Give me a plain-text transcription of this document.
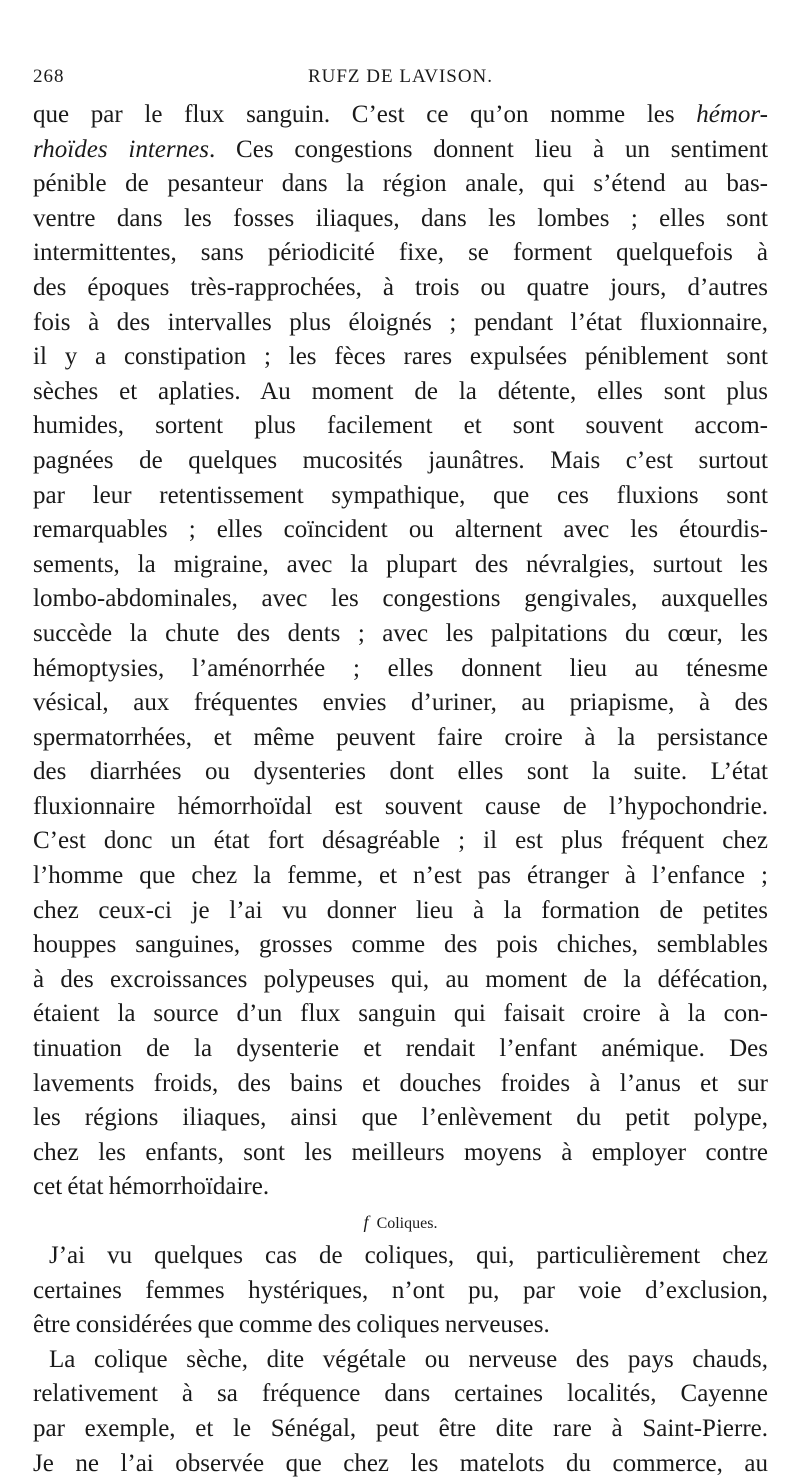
268	RUFZ DE LAVISON.
que par le flux sanguin. C’est ce qu’on nomme les hémor-
rhoïdes internes. Ces congestions donnent lieu à un sentiment
pénible de pesanteur dans la région anale, qui s’étend au bas-
ventre dans les fosses iliaques, dans les lombes ; elles sont
intermittentes, sans périodicité fixe, se forment quelquefois à
des époques très-rapprochées, à trois ou quatre jours, d’autres
fois à des intervalles plus éloignés ; pendant l’état fluxionnaire,
il y a constipation ; les fèces rares expulsées péniblement sont
sèches et aplaties. Au moment de la détente, elles sont plus
humides, sortent plus facilement et sont souvent accom-
pagnées de quelques mucosités jaunâtres. Mais c’est surtout
par leur retentissement sympathique, que ces fluxions sont
remarquables ; elles coïncident ou alternent avec les étourdis-
sements, la migraine, avec la plupart des névralgies, surtout les
lombo-abdominales, avec les congestions gengivales, auxquelles
succède la chute des dents ; avec les palpitations du cœur, les
hémoptysies, l’aménorrhée ; elles donnent lieu au ténesme
vésical, aux fréquentes envies d’uriner, au priapisme, à des
spermatorrhées, et même peuvent faire croire à la persistance
des diarrhées ou dysenteries dont elles sont la suite. L’état
fluxionnaire hémorrhoïdal est souvent cause de l’hypochondrie.
C’est donc un état fort désagréable ; il est plus fréquent chez
l’homme que chez la femme, et n’est pas étranger à l’enfance ;
chez ceux-ci je l’ai vu donner lieu à la formation de petites
houppes sanguines, grosses comme des pois chiches, semblables
à des excroissances polypeuses qui, au moment de la défécation,
étaient la source d’un flux sanguin qui faisait croire à la con-
tinuation de la dysenterie et rendait l’enfant anémique. Des
lavements froids, des bains et douches froides à l’anus et sur
les régions iliaques, ainsi que l’enlèvement du petit polype,
chez les enfants, sont les meilleurs moyens à employer contre
cet état hémorrhoïdaire.
f Coliques.
J’ai vu quelques cas de coliques, qui, particulièrement chez
certaines femmes hystériques, n’ont pu, par voie d’exclusion,
être considérées que comme des coliques nerveuses.
La colique sèche, dite végétale ou nerveuse des pays chauds,
relativement à sa fréquence dans certaines localités, Cayenne
par exemple, et le Sénégal, peut être dite rare à Saint-Pierre.
Je ne l’ai observée que chez les matelots du commerce, au
